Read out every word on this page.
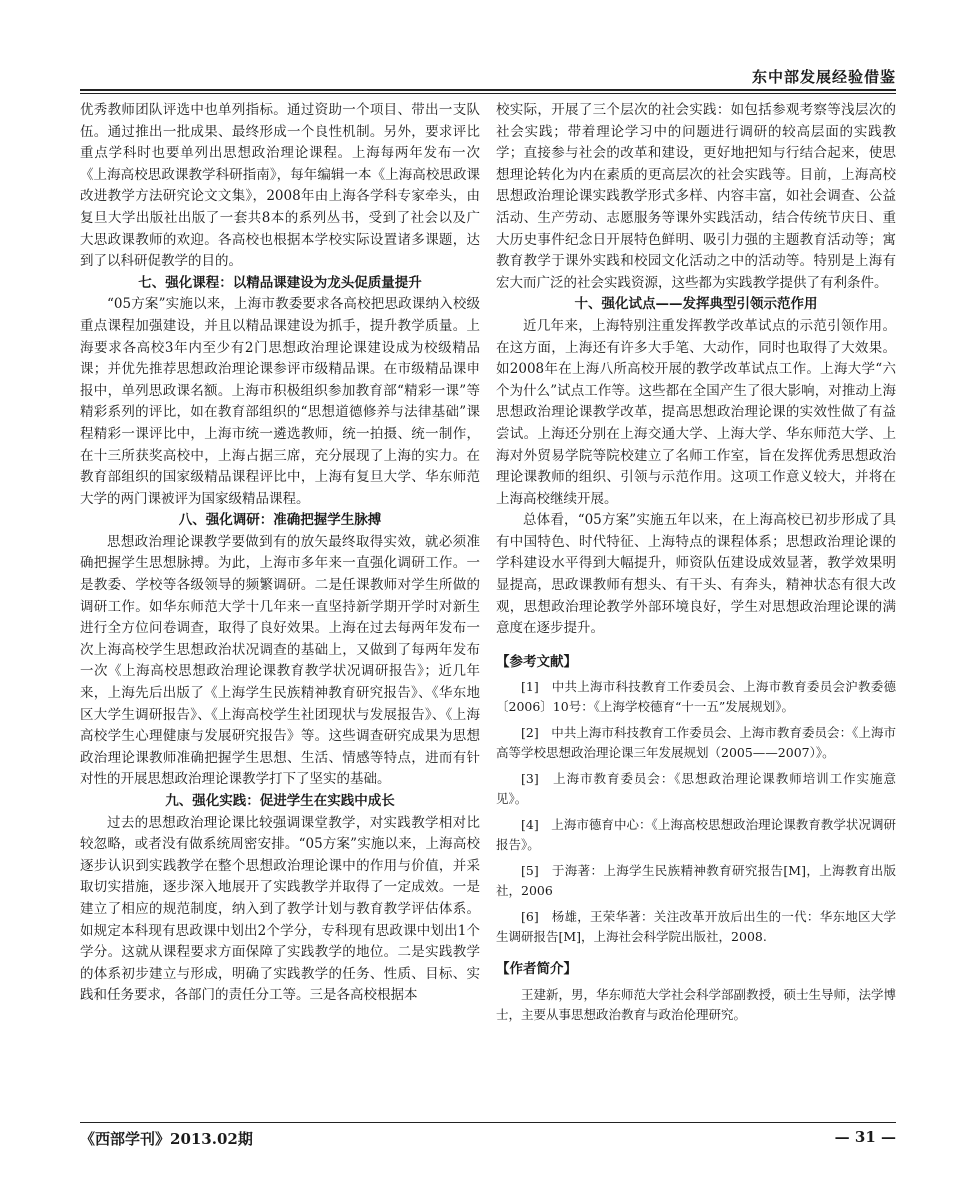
东中部发展经验借鉴

优秀教师团队评选中也单列指标。通过资助一个项目、带出一支队伍。通过推出一批成果、最终形成一个良性机制。另外，要求评比重点学科时也要单列出思想政治理论课程。上海每两年发布一次《上海高校思政课教学科研指南》，每年编辑一本《上海高校思政课改进教学方法研究论文文集》，2008年由上海各学科专家牵头，由复旦大学出版社出版了一套共8本的系列丛书，受到了社会以及广大思政课教师的欢迎。各高校也根据本学校实际设置诸多课题，达到了以科研促教学的目的。

七、强化课程：以精品课建设为龙头促质量提升

“05方案”实施以来，上海市教委要求各高校把思政课纳入校级重点课程加强建设，并且以精品课建设为抓手，提升教学质量。上海要求各高校3年内至少有2门思想政治理论课建设成为校级精品课；并优先推荐思想政治理论课参评市级精品课。在市级精品课申报中，单列思政课名额。上海市积极组织参加教育部“精彩一课”等精彩系列的评比，如在教育部组织的“思想道德修养与法律基础”课程精彩一课评比中，上海市统一遴选教师，统一拍摄、统一制作，在十三所获奖高校中，上海占据三席，充分展现了上海的实力。在教育部组织的国家级精品课程评比中，上海有复旦大学、华东师范大学的两门课被评为国家级精品课程。

八、强化调研：准确把握学生脉搏

思想政治理论课教学要做到有的放矢最终取得实效，就必须准确把握学生思想脉搏。为此，上海市多年来一直强化调研工作。一是教委、学校等各级领导的频繁调研。二是任课教师对学生所做的调研工作。如华东师范大学十几年来一直坚持新学期开学时对新生进行全方位问卷调查，取得了良好效果。上海在过去每两年发布一次上海高校学生思想政治状况调查的基础上，又做到了每两年发布一次《上海高校思想政治理论课教育教学状况调研报告》；近几年来，上海先后出版了《上海学生民族精神教育研究报告》、《华东地区大学生调研报告》、《上海高校学生社团现状与发展报告》、《上海高校学生心理健康与发展研究报告》等。这些调查研究成果为思想政治理论课教师准确把握学生思想、生活、情感等特点，进而有针对性的开展思想政治理论课教学打下了坚实的基础。

九、强化实践：促进学生在实践中成长

过去的思想政治理论课比较强调课堂教学，对实践教学相对比较忽略，或者没有做系统周密安排。“05方案”实施以来，上海高校逐步认识到实践教学在整个思想政治理论课中的作用与价值，并采取切实措施，逐步深入地展开了实践教学并取得了一定成效。一是建立了相应的规范制度，纳入到了教学计划与教育教学评估体系。如规定本科现有思政课中划出2个学分，专科现有思政课中划出1个学分。这就从课程要求方面保障了实践教学的地位。二是实践教学的体系初步建立与形成，明确了实践教学的任务、性质、目标、实践和任务要求，各部门的责任分工等。三是各高校根据本

校实际，开展了三个层次的社会实践：如包括参观考察等浅层次的社会实践；带着理论学习中的问题进行调研的较高层面的实践教学；直接参与社会的改革和建设，更好地把知与行结合起来，使思想理论转化为内在素质的更高层次的社会实践等。目前，上海高校思想政治理论课实践教学形式多样、内容丰富，如社会调查、公益活动、生产劳动、志愿服务等课外实践活动，结合传统节庆日、重大历史事件纪念日开展特色鲜明、吸引力强的主题教育活动等；寓教育教学于课外实践和校园文化活动之中的活动等。特别是上海有宏大而广泛的社会实践资源，这些都为实践教学提供了有利条件。

十、强化试点——发挥典型引领示范作用

近几年来，上海特别注重发挥教学改革试点的示范引领作用。在这方面，上海还有许多大手笔、大动作，同时也取得了大效果。如2008年在上海八所高校开展的教学改革试点工作。上海大学“六个为什么”试点工作等。这些都在全国产生了很大影响，对推动上海思想政治理论课教学改革，提高思想政治理论课的实效性做了有益尝试。上海还分别在上海交通大学、上海大学、华东师范大学、上海对外贸易学院等院校建立了名师工作室，旨在发挥优秀思想政治理论课教师的组织、引领与示范作用。这项工作意义较大，并将在上海高校继续开展。

总体看，“05方案”实施五年以来，在上海高校已初步形成了具有中国特色、时代特征、上海特点的课程体系；思想政治理论课的学科建设水平得到大幅提升，师资队伍建设成效显著，教学效果明显提高，思政课教师有想头、有干头、有奔头，精神状态有很大改观，思想政治理论教学外部环境良好，学生对思想政治理论课的满意度在逐步提升。

【参考文献】
[1]　中共上海市科技教育工作委员会、上海市教育委员会沪教委德〔2006〕10号：《上海学校德育“十一五”发展规划》。
[2]　中共上海市科技教育工作委员会、上海市教育委员会：《上海市高等学校思想政治理论课三年发展规划（2005——2007）》。
[3]　上海市教育委员会：《思想政治理论课教师培训工作实施意见》。
[4]　上海市德育中心：《上海高校思想政治理论课教育教学状况调研报告》。
[5]　于海著：上海学生民族精神教育研究报告[M]，上海教育出版社，2006
[6]　杨雄，王荣华著：关注改革开放后出生的一代：华东地区大学生调研报告[M]，上海社会科学院出版社，2008.
【作者简介】
王建新，男，华东师范大学社会科学部副教授，硕士生导师，法学博士，主要从事思想政治教育与政治伦理研究。
《西部学刊》2013.02期	— 31 —
